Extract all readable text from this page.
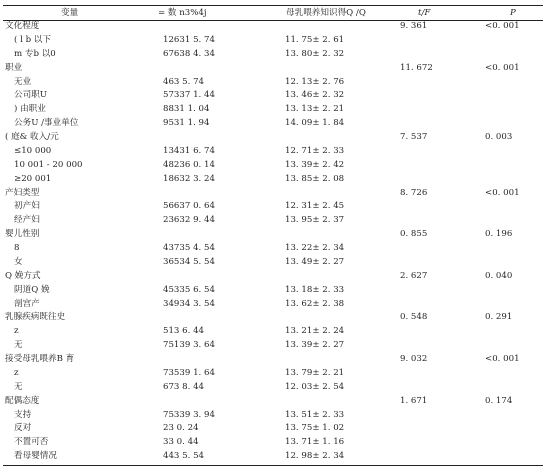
变量	= 数 n3%4j	母乳喂养知识得Q /Q	t/F	P
文化程度			9. 361	<0. 001
( l b 以下	12631 5. 74	11. 75± 2. 61		
m 专b 以0	67638 4. 34	13. 80± 2. 32		
职业			11. 672	<0. 001
无业	463 5. 74	12. 13± 2. 76		
公司职U	57337 1. 44	13. 46± 2. 32		
) 由职业	8831 1. 04	13. 13± 2. 21		
公务U /事业单位	9531 1. 94	14. 09± 1. 84		
( 庭& 收入/元			7. 537	0. 003
≤10 000	13431 6. 74	12. 71± 2. 33		
10 001 - 20 000	48236 0. 14	13. 39± 2. 42		
≥20 001	18632 3. 24	13. 85± 2. 08		
产妇类型			8. 726	<0. 001
初产妇	56637 0. 64	12. 31± 2. 45		
经产妇	23632 9. 44	13. 95± 2. 37		
婴儿性别			0. 855	0. 196
8	43735 4. 54	13. 22± 2. 34		
女	36534 5. 54	13. 49± 2. 27		
Q 娩方式			2. 627	0. 040
阴道Q 娩	45335 6. 54	13. 18± 2. 33		
剖宫产	34934 3. 54	13. 62± 2. 38		
乳腺疾病既往史			0. 548	0. 291
z	513 6. 44	13. 21± 2. 24		
无	75139 3. 64	13. 39± 2. 27		
接受母乳喂养B 育			9. 032	<0. 001
z	73539 1. 64	13. 79± 2. 21		
无	673 8. 44	12. 03± 2. 54		
配偶态度			1. 671	0. 174
支持	75339 3. 94	13. 51± 2. 33		
反对	23 0. 24	13. 75± 1. 02		
不置可否	33 0. 44	13. 71± 1. 16		
看母婴情况	443 5. 54	12. 98± 2. 34		
